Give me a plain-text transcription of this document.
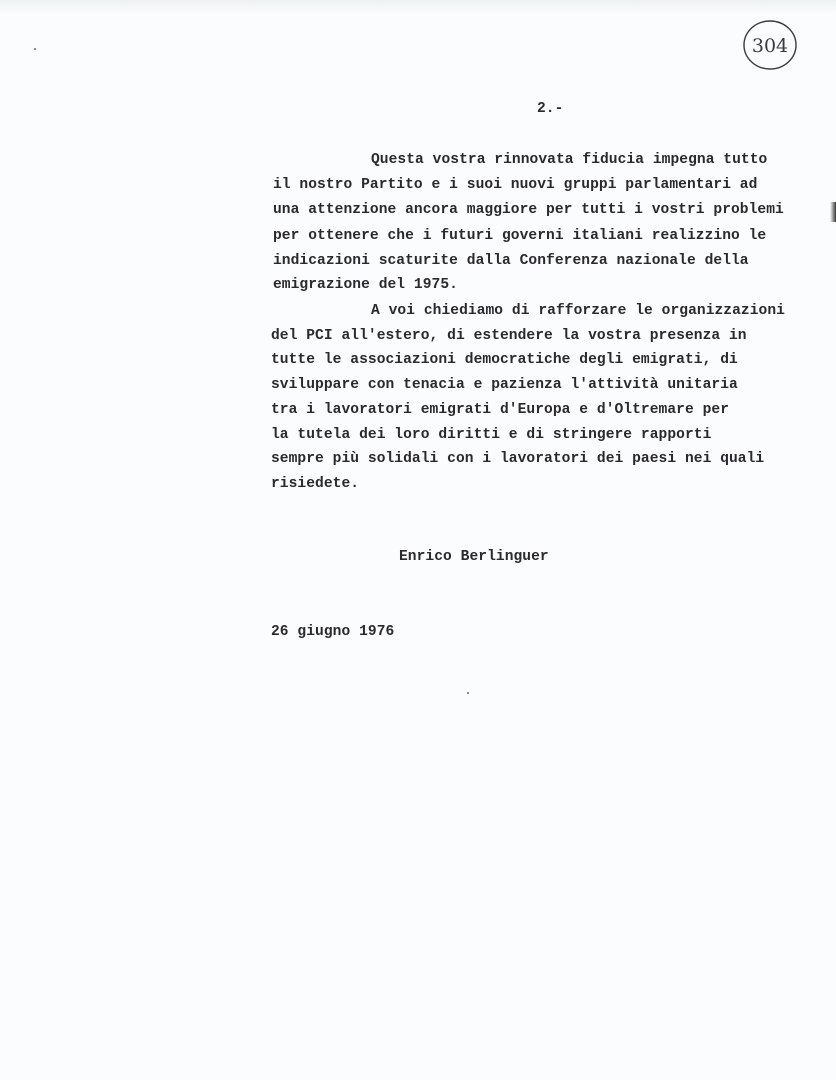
304

2.-

Questa vostra rinnovata fiducia impegna tutto

il nostro Partito e i suoi nuovi gruppi parlamentari ad

una attenzione ancora maggiore per tutti i vostri problemi

per ottenere che i futuri governi italiani realizzino le

indicazioni scaturite dalla Conferenza nazionale della

emigrazione del 1975.

A voi chiediamo di rafforzare le organizzazioni

del PCI all'estero, di estendere la vostra presenza in

tutte le associazioni democratiche degli emigrati, di

sviluppare con tenacia e pazienza l'attività unitaria

tra i lavoratori emigrati d'Europa e d'Oltremare per

la tutela dei loro diritti e di stringere rapporti

sempre più solidali con i lavoratori dei paesi nei quali

risiedete.

Enrico Berlinguer

26 giugno 1976
